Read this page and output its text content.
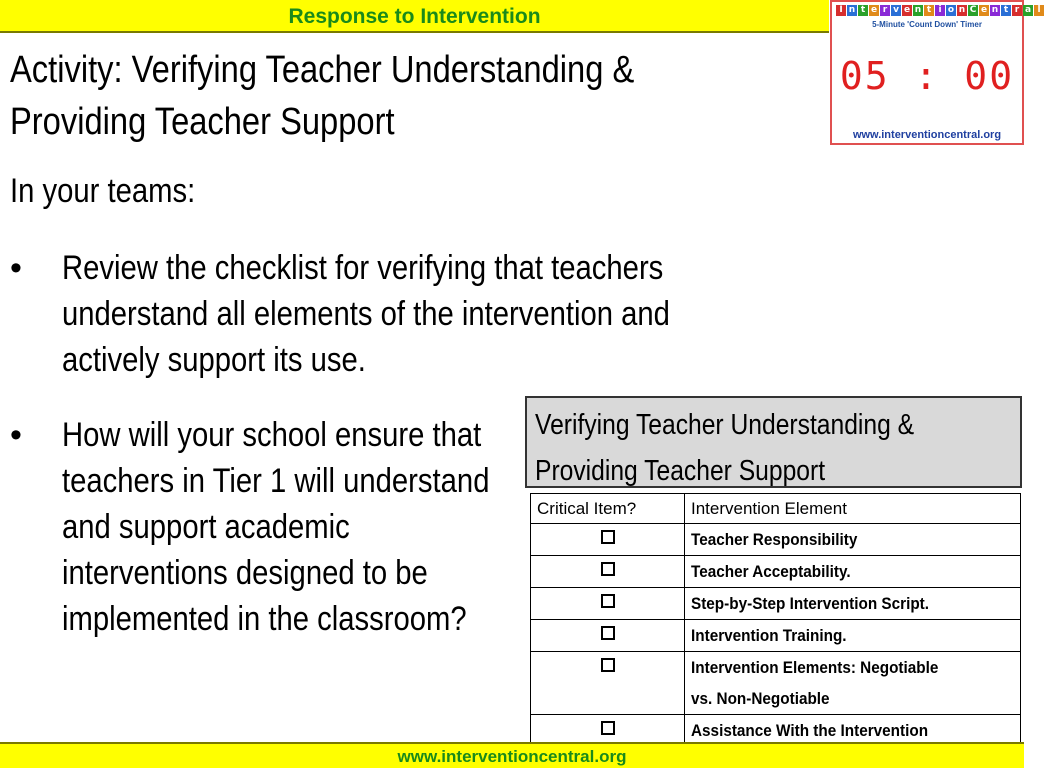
Response to Intervention	I n t e r v e n t i o n C e n t r a l
5-Minute 'Count Down' Timer
05 : 00
www.interventioncentral.org
Activity: Verifying Teacher Understanding & Providing Teacher Support
In your teams:
• Review the checklist for verifying that teachers understand all elements of the intervention and actively support its use.
• How will your school ensure that teachers in Tier 1 will understand and support academic interventions designed to be implemented in the classroom?
Verifying Teacher Understanding & Providing Teacher Support
Critical Item?	Intervention Element
	Teacher Responsibility
	Teacher Acceptability.
	Step-by-Step Intervention Script.
	Intervention Training.

	Intervention Elements: Negotiable vs. Non-Negotiable

	Assistance With the Intervention
www.interventioncentral.org
